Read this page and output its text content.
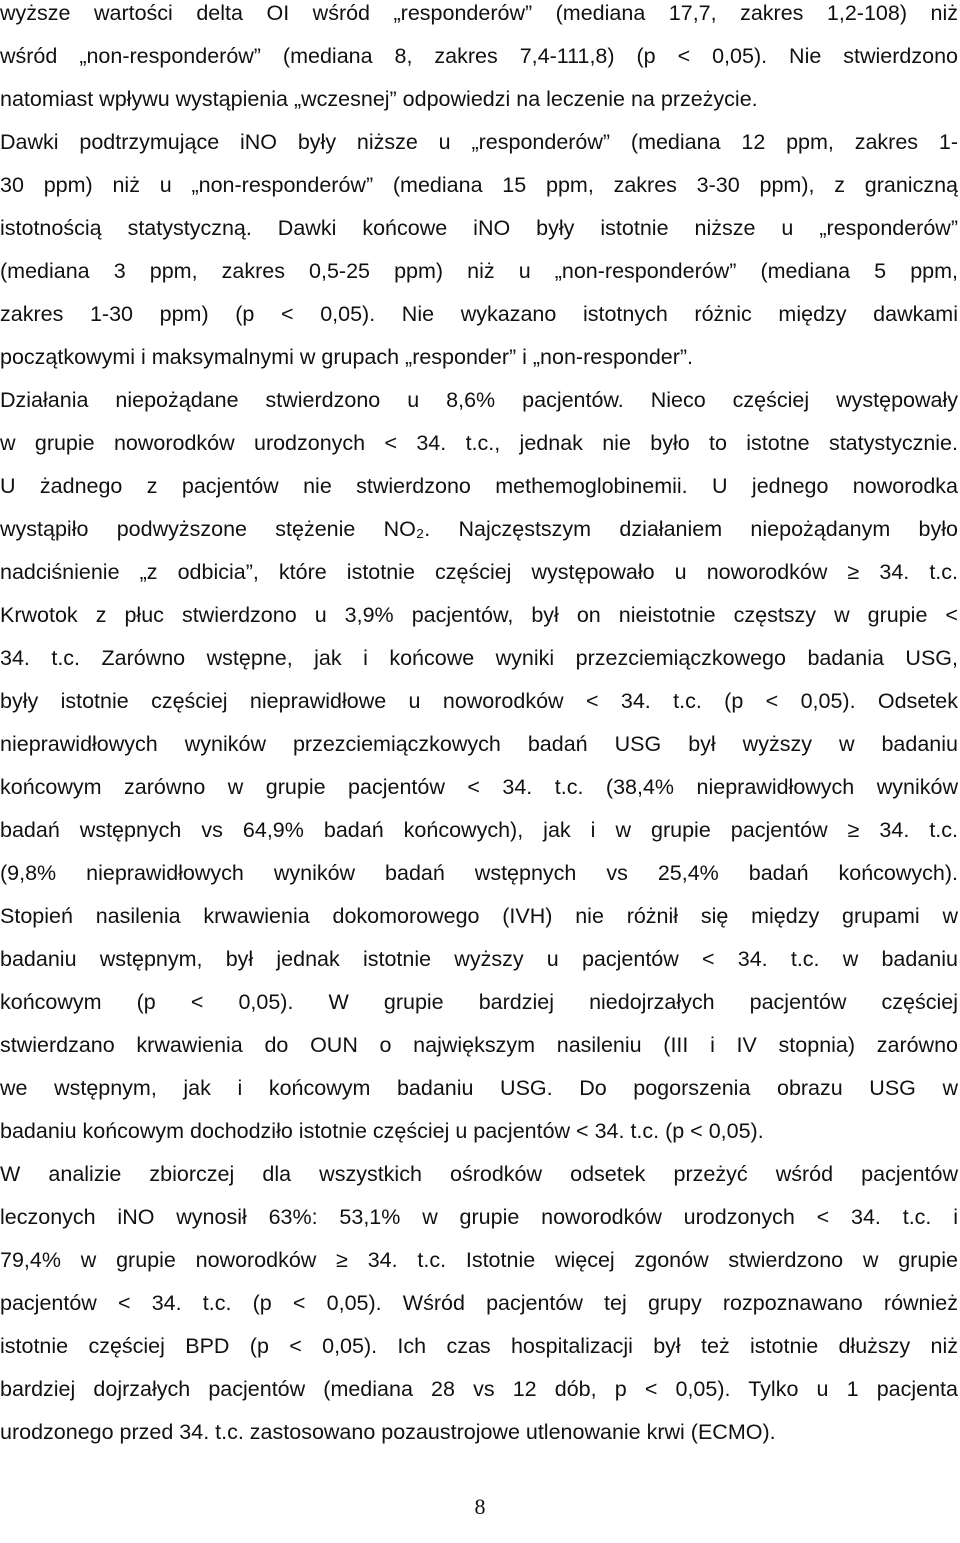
wyższe wartości delta OI wśród „responderów” (mediana 17,7, zakres 1,2-108) niż
wśród „non-responderów” (mediana 8, zakres 7,4-111,8) (p < 0,05). Nie stwierdzono
natomiast wpływu wystąpienia „wczesnej” odpowiedzi na leczenie na przeżycie.
Dawki podtrzymujące iNO były niższe u „responderów” (mediana 12 ppm, zakres 1-
30 ppm) niż u „non-responderów” (mediana 15 ppm, zakres 3-30 ppm), z graniczną
istotnością statystyczną. Dawki końcowe iNO były istotnie niższe u „responderów”
(mediana 3 ppm, zakres 0,5-25 ppm) niż u „non-responderów” (mediana 5 ppm,
zakres 1-30 ppm) (p < 0,05). Nie wykazano istotnych różnic między dawkami
początkowymi i maksymalnymi w grupach „responder” i „non-responder”.
Działania niepożądane stwierdzono u 8,6% pacjentów. Nieco częściej występowały
w grupie noworodków urodzonych < 34. t.c., jednak nie było to istotne statystycznie.
U żadnego z pacjentów nie stwierdzono methemoglobinemii. U jednego noworodka
wystąpiło podwyższone stężenie NO₂. Najczęstszym działaniem niepożądanym było
nadciśnienie „z odbicia”, które istotnie częściej występowało u noworodków ≥ 34. t.c.
Krwotok z płuc stwierdzono u 3,9% pacjentów, był on nieistotnie częstszy w grupie <
34. t.c. Zarówno wstępne, jak i końcowe wyniki przezciemiączkowego badania USG,
były istotnie częściej nieprawidłowe u noworodków < 34. t.c. (p < 0,05). Odsetek
nieprawidłowych wyników przezciemiączkowych badań USG był wyższy w badaniu
końcowym zarówno w grupie pacjentów < 34. t.c. (38,4% nieprawidłowych wyników
badań wstępnych vs 64,9% badań końcowych), jak i w grupie pacjentów ≥ 34. t.c.
(9,8% nieprawidłowych wyników badań wstępnych vs 25,4% badań końcowych).
Stopień nasilenia krwawienia dokomorowego (IVH) nie różnił się między grupami w
badaniu wstępnym, był jednak istotnie wyższy u pacjentów < 34. t.c. w badaniu
końcowym (p < 0,05). W grupie bardziej niedojrzałych pacjentów częściej
stwierdzano krwawienia do OUN o największym nasileniu (III i IV stopnia) zarówno
we wstępnym, jak i końcowym badaniu USG. Do pogorszenia obrazu USG w
badaniu końcowym dochodziło istotnie częściej u pacjentów < 34. t.c. (p < 0,05).
W analizie zbiorczej dla wszystkich ośrodków odsetek przeżyć wśród pacjentów
leczonych iNO wynosił 63%: 53,1% w grupie noworodków urodzonych < 34. t.c. i
79,4% w grupie noworodków ≥ 34. t.c. Istotnie więcej zgonów stwierdzono w grupie
pacjentów < 34. t.c. (p < 0,05). Wśród pacjentów tej grupy rozpoznawano również
istotnie częściej BPD (p < 0,05). Ich czas hospitalizacji był też istotnie dłuższy niż
bardziej dojrzałych pacjentów (mediana 28 vs 12 dób, p < 0,05). Tylko u 1 pacjenta
urodzonego przed 34. t.c. zastosowano pozaustrojowe utlenowanie krwi (ECMO).
8
